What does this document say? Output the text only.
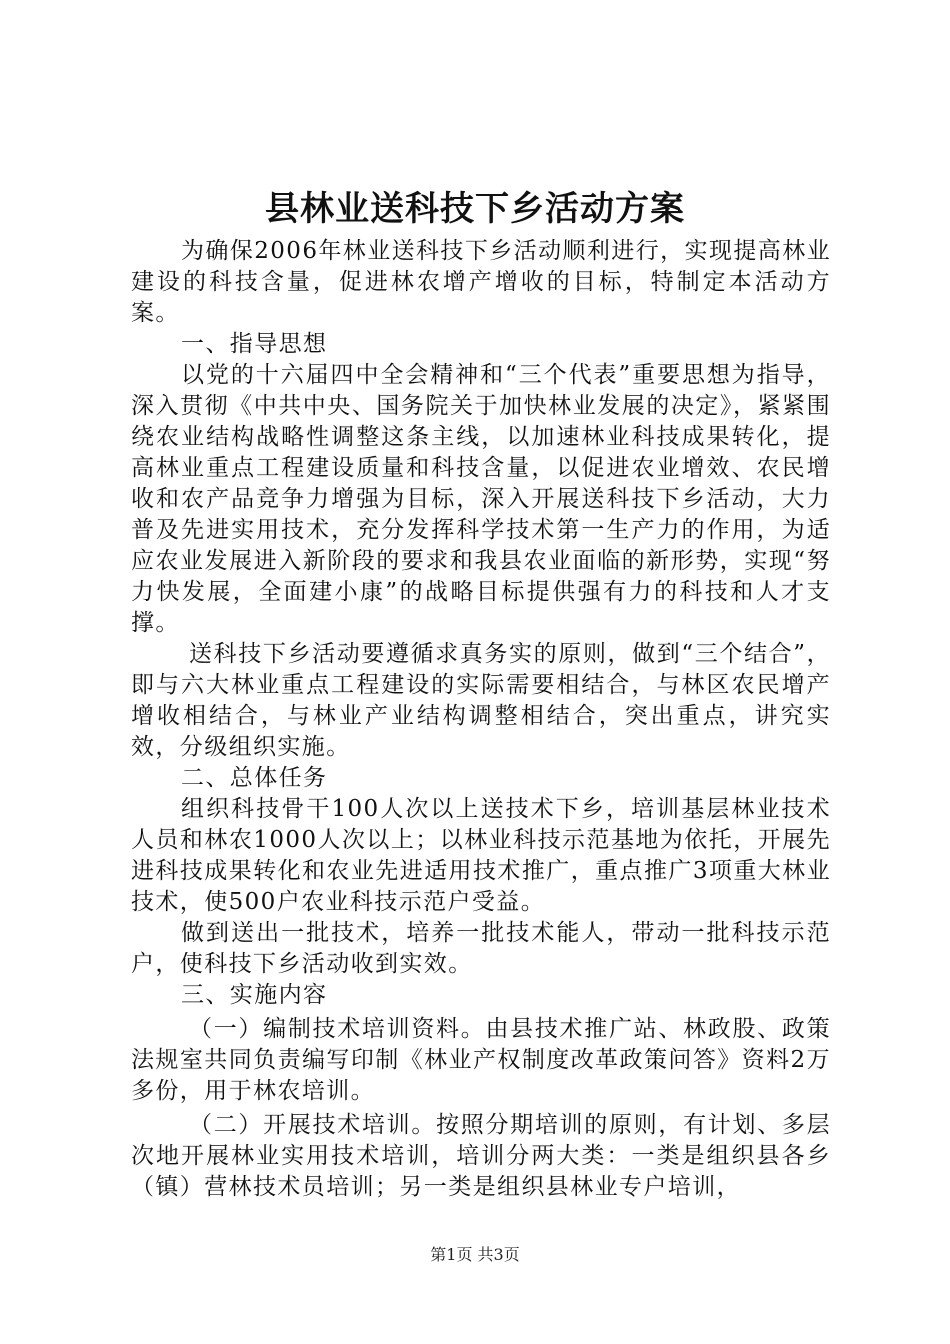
县林业送科技下乡活动方案

为确保2006年林业送科技下乡活动顺利进行，实现提高林业建设的科技含量，促进林农增产增收的目标，特制定本活动方案。

一、指导思想

以党的十六届四中全会精神和“三个代表”重要思想为指导，深入贯彻《中共中央、国务院关于加快林业发展的决定》，紧紧围绕农业结构战略性调整这条主线，以加速林业科技成果转化，提高林业重点工程建设质量和科技含量，以促进农业增效、农民增收和农产品竞争力增强为目标，深入开展送科技下乡活动，大力普及先进实用技术，充分发挥科学技术第一生产力的作用，为适应农业发展进入新阶段的要求和我县农业面临的新形势，实现“努力快发展，全面建小康”的战略目标提供强有力的科技和人才支撑。

送科技下乡活动要遵循求真务实的原则，做到“三个结合”，即与六大林业重点工程建设的实际需要相结合，与林区农民增产增收相结合，与林业产业结构调整相结合，突出重点，讲究实效，分级组织实施。

二、总体任务

组织科技骨干100人次以上送技术下乡，培训基层林业技术人员和林农1000人次以上；以林业科技示范基地为依托，开展先进科技成果转化和农业先进适用技术推广，重点推广3项重大林业技术，使500户农业科技示范户受益。

做到送出一批技术，培养一批技术能人，带动一批科技示范户，使科技下乡活动收到实效。

三、实施内容

（一）编制技术培训资料。由县技术推广站、林政股、政策法规室共同负责编写印制《林业产权制度改革政策问答》资料2万多份，用于林农培训。

（二）开展技术培训。按照分期培训的原则，有计划、多层次地开展林业实用技术培训，培训分两大类：一类是组织县各乡（镇）营林技术员培训；另一类是组织县林业专户培训，

第1页 共3页
